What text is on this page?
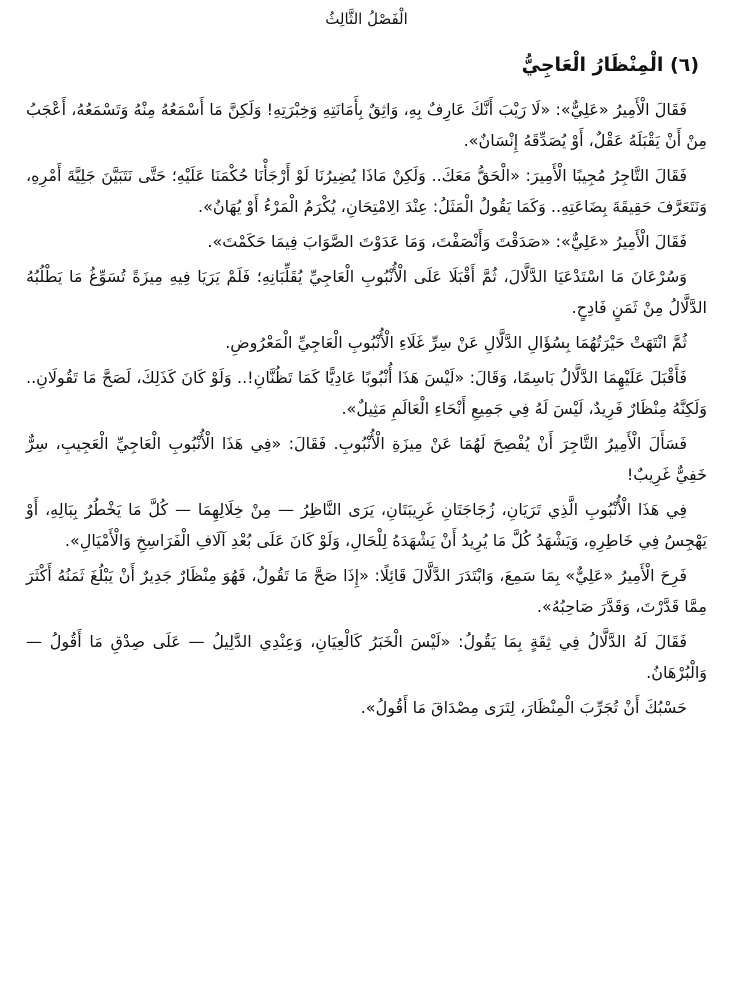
الْفَصْلُ الثَّالِثُ
(٦) الْمِنْظَارُ الْعَاجِيُّ

فَقَالَ الْأَمِيرُ «عَلِيٌّ»: «لَا رَيْبَ أَنَّكَ عَارِفٌ بِهِ، وَاثِقٌ بِأَمَانَتِهِ وَخِبْرَتِهِ! وَلَكِنَّ مَا أَسْمَعُهُ مِنْهُ وَتَسْمَعُهُ، أَعْجَبُ مِنْ أَنْ يَقْبَلَهُ عَقْلٌ، أَوْ يُصَدِّقَهُ إِنْسَانٌ».

فَقَالَ التَّاجِرُ مُجِيبًا الْأَمِيرَ: «الْحَقُّ مَعَكَ.. وَلَكِنْ مَاذَا يُضِيرُنَا لَوْ أَرْجَأْنَا حُكْمَنَا عَلَيْهِ؛ حَتَّى نَتَبَيَّنَ جَلِيَّةَ أَمْرِهِ، وَنَتَعَرَّفَ حَقِيقَةَ بِضَاعَتِهِ.. وَكَمَا يَقُولُ الْمَثَلُ: عِنْدَ الِامْتِحَانِ، يُكْرَمُ الْمَرْءُ أَوْ يُهَانُ».

فَقَالَ الْأَمِيرُ «عَلِيٌّ»: «صَدَقْتَ وَأَنْصَفْتَ، وَمَا عَدَوْتَ الصَّوَابَ فِيمَا حَكَمْتَ».

وَسُرْعَانَ مَا اسْتَدْعَيَا الدَّلَّالَ، ثُمَّ أَقْبَلَا عَلَى الْأُنْبُوبِ الْعَاجِيِّ يُقَلِّبَانِهِ؛ فَلَمْ يَرَيَا فِيهِ مِيزَةً تُسَوِّغُ مَا يَطْلُبُهُ الدَّلَّالُ مِنْ ثَمَنٍ فَادِحٍ.

ثُمَّ انْتَهَتْ حَيْرَتُهُمَا بِسُؤَالِ الدَّلَّالِ عَنْ سِرِّ غَلَاءِ الْأُنْبُوبِ الْعَاجِيِّ الْمَعْرُوضِ.

فَأَقْبَلَ عَلَيْهِمَا الدَّلَّالُ بَاسِمًا، وَقَالَ: «لَيْسَ هَذَا أُنْبُوبًا عَادِيًّا كَمَا تَظُنَّانِ!.. وَلَوْ كَانَ كَذَلِكَ، لَصَحَّ مَا تَقُولَانِ.. وَلَكِنَّهُ مِنْظَارٌ فَرِيدٌ، لَيْسَ لَهُ فِي جَمِيعِ أَنْحَاءِ الْعَالَمِ مَثِيلٌ».

فَسَأَلَ الْأَمِيرُ التَّاجِرَ أَنْ يُفْصِحَ لَهُمَا عَنْ مِيزَةِ الْأُنْبُوبِ. فَقَالَ: «فِي هَذَا الْأُنْبُوبِ الْعَاجِيِّ الْعَجِيبِ، سِرٌّ خَفِيٌّ غَرِيبٌ!

فِي هَذَا الْأُنْبُوبِ الَّذِي تَرَيَانِ، زُجَاجَتَانِ غَرِيبَتَانِ، يَرَى النَّاظِرُ — مِنْ خِلَالِهِمَا — كُلَّ مَا يَخْطُرُ بِبَالِهِ، أَوْ يَهْجِسُ فِي خَاطِرِهِ، وَيَشْهَدُ كُلَّ مَا يُرِيدُ أَنْ يَشْهَدَهُ لِلْحَالِ، وَلَوْ كَانَ عَلَى بُعْدِ آلَافِ الْفَرَاسِخِ وَالْأَمْيَالِ».

فَرِحَ الْأَمِيرُ «عَلِيٌّ» بِمَا سَمِعَ، وَابْتَدَرَ الدَّلَّالَ قَائِلًا: «إِذَا صَحَّ مَا تَقُولُ، فَهُوَ مِنْظَارٌ جَدِيرٌ أَنْ يَبْلُغَ ثَمَنُهُ أَكْثَرَ مِمَّا قَدَّرْتَ، وَقَدَّرَ صَاحِبُهُ».

فَقَالَ لَهُ الدَّلَّالُ فِي ثِقَةٍ بِمَا يَقُولُ: «لَيْسَ الْخَبَرُ كَالْعِيَانِ، وَعِنْدِي الدَّلِيلُ — عَلَى صِدْقِ مَا أَقُولُ — وَالْبُرْهَانُ.

حَسْبُكَ أَنْ تُجَرِّبَ الْمِنْظَارَ، لِتَرَى مِصْدَاقَ مَا أَقُولُ».
